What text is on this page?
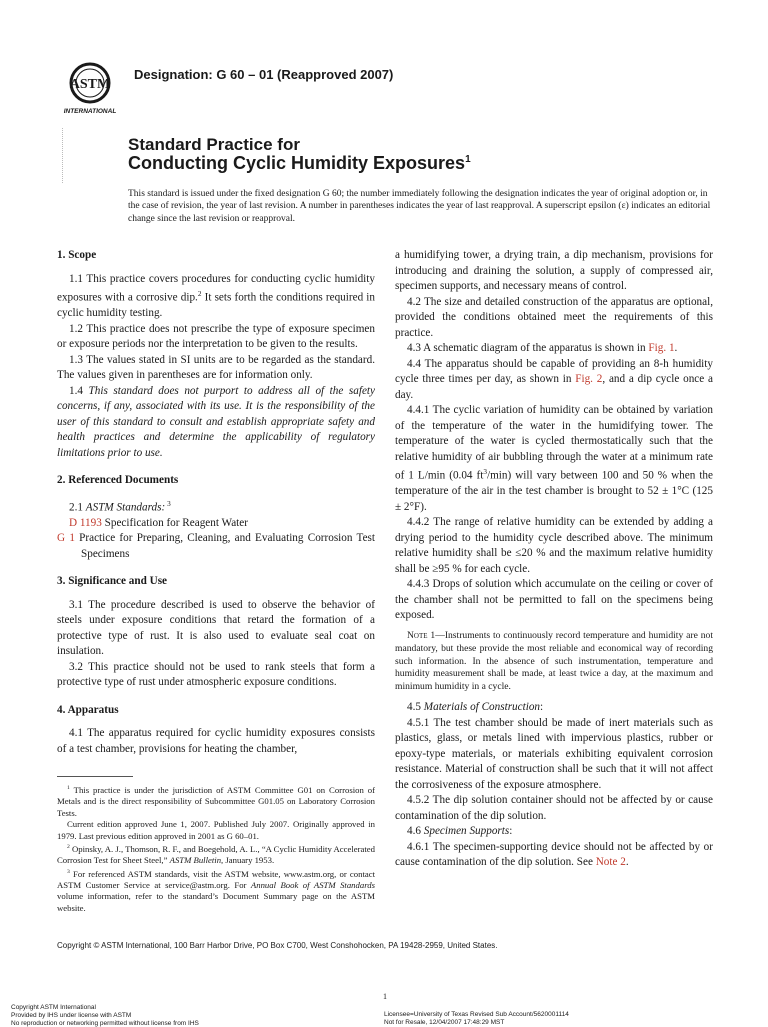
ASTM
INTERNATIONAL
Designation: G 60 – 01 (Reapproved 2007)
Standard Practice for
Conducting Cyclic Humidity Exposures$^1$
This standard is issued under the fixed designation G 60; the number immediately following the designation indicates the year of original adoption or, in the case of revision, the year of last revision. A number in parentheses indicates the year of last reapproval. A superscript epsilon (ε) indicates an editorial change since the last revision or reapproval.
1. Scope

1.1 This practice covers procedures for conducting cyclic humidity exposures with a corrosive dip.$^2$ It sets forth the conditions required in cyclic humidity testing.

1.2 This practice does not prescribe the type of exposure specimen or exposure periods nor the interpretation to be given to the results.

1.3 The values stated in SI units are to be regarded as the standard. The values given in parentheses are for information only.

1.4 This standard does not purport to address all of the safety concerns, if any, associated with its use. It is the responsibility of the user of this standard to consult and establish appropriate safety and health practices and determine the applicability of regulatory limitations prior to use.

2. Referenced Documents

2.1 ASTM Standards: $^3$

D 1193 Specification for Reagent Water

G 1 Practice for Preparing, Cleaning, and Evaluating Corrosion Test Specimens

3. Significance and Use

3.1 The procedure described is used to observe the behavior of steels under exposure conditions that retard the formation of a protective type of rust. It is also used to evaluate seal coat on insulation.

3.2 This practice should not be used to rank steels that form a protective type of rust under atmospheric exposure conditions.

4. Apparatus

4.1 The apparatus required for cyclic humidity exposures consists of a test chamber, provisions for heating the chamber,

a humidifying tower, a drying train, a dip mechanism, provisions for introducing and draining the solution, a supply of compressed air, specimen supports, and necessary means of control.

4.2 The size and detailed construction of the apparatus are optional, provided the conditions obtained meet the requirements of this practice.

4.3 A schematic diagram of the apparatus is shown in Fig. 1.

4.4 The apparatus should be capable of providing an 8-h humidity cycle three times per day, as shown in Fig. 2, and a dip cycle once a day.

4.4.1 The cyclic variation of humidity can be obtained by variation of the temperature of the water in the humidifying tower. The temperature of the water is cycled thermostatically such that the relative humidity of air bubbling through the water at a minimum rate of 1 L/min (0.04 $ft^3/\min$) will vary between 100 and 50 % when the temperature of the air in the test chamber is brought to 52 ± 1°C (125 ± 2°F).

4.4.2 The range of relative humidity can be extended by adding a drying period to the humidity cycle described above. The minimum relative humidity shall be ≤20 % and the maximum relative humidity shall be ≥95 % for each cycle.

4.4.3 Drops of solution which accumulate on the ceiling or cover of the chamber shall not be permitted to fall on the specimens being exposed.

Note 1—Instruments to continuously record temperature and humidity are not mandatory, but these provide the most reliable and economical way of recording such information. In the absence of such instrumentation, temperature and humidity measurement shall be made, at least twice a day, at the maximum and minimum humidity in a cycle.

4.5 Materials of Construction:

4.5.1 The test chamber should be made of inert materials such as plastics, glass, or metals lined with impervious plastics, rubber or epoxy-type materials, or materials exhibiting equivalent corrosion resistance. Material of construction shall be such that it will not affect the corrosiveness of the exposure atmosphere.

4.5.2 The dip solution container should not be affected by or cause contamination of the dip solution.

4.6 Specimen Supports:

4.6.1 The specimen-supporting device should not be affected by or cause contamination of the dip solution. See Note 2.

$^1$ This practice is under the jurisdiction of ASTM Committee G01 on Corrosion of Metals and is the direct responsibility of Subcommittee G01.05 on Laboratory Corrosion Tests.

Current edition approved June 1, 2007. Published July 2007. Originally approved in 1979. Last previous edition approved in 2001 as G 60–01.

$^2$ Opinsky, A. J., Thomson, R. F., and Boegehold, A. L., “A Cyclic Humidity Accelerated Corrosion Test for Sheet Steel,” ASTM Bulletin, January 1953.

$^3$ For referenced ASTM standards, visit the ASTM website, www.astm.org, or contact ASTM Customer Service at service@astm.org. For Annual Book of ASTM Standards volume information, refer to the standard’s Document Summary page on the ASTM website.

Copyright © ASTM International, 100 Barr Harbor Drive, PO Box C700, West Conshohocken, PA 19428-2959, United States.
1
Copyright ASTM International
Provided by IHS under license with ASTM
No reproduction or networking permitted without license from IHS
Licensee=University of Texas Revised Sub Account/5620001114
Not for Resale, 12/04/2007 17:48:29 MST
